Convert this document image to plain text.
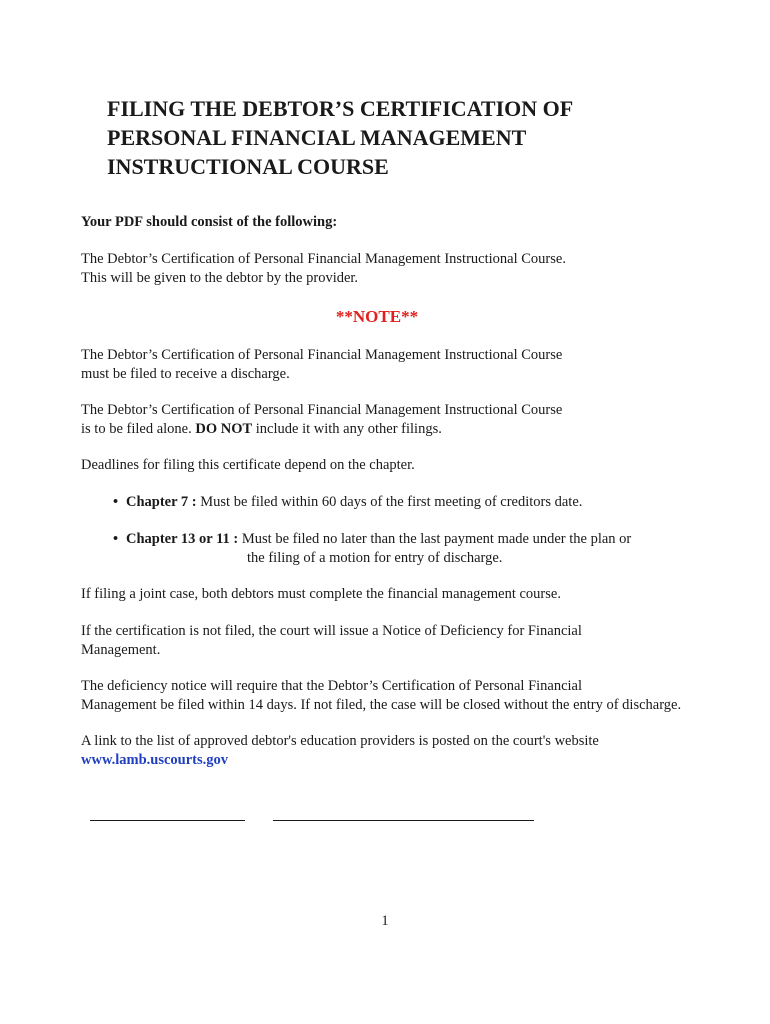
FILING THE DEBTOR’S CERTIFICATION OF
PERSONAL FINANCIAL MANAGEMENT
INSTRUCTIONAL COURSE

Your PDF should consist of the following:

The Debtor’s Certification of Personal Financial Management Instructional Course.
This will be given to the debtor by the provider.

**NOTE**

The Debtor’s Certification of Personal Financial Management Instructional Course
must be filed to receive a discharge.

The Debtor’s Certification of Personal Financial Management Instructional Course
is to be filed alone. DO NOT include it with any other filings.

Deadlines for filing this certificate depend on the chapter.

• Chapter 7 : Must be filed within 60 days of the first meeting of creditors date.

• Chapter 13 or 11 : Must be filed no later than the last payment made under the plan or
the filing of a motion for entry of discharge.

If filing a joint case, both debtors must complete the financial management course.

If the certification is not filed, the court will issue a Notice of Deficiency for Financial
Management.

The deficiency notice will require that the Debtor’s Certification of Personal Financial
Management be filed within 14 days. If not filed, the case will be closed without the entry of discharge.

A link to the list of approved debtor's education providers is posted on the court's website
www.lamb.uscourts.gov

1
